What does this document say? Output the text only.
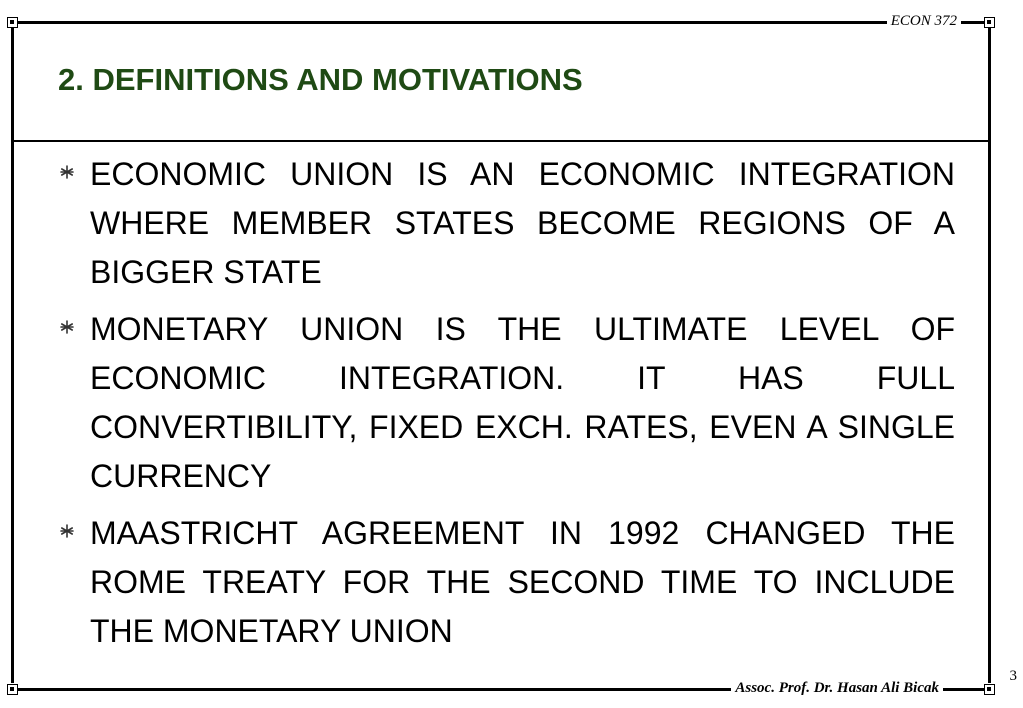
ECON 372
2. DEFINITIONS AND MOTIVATIONS
ECONOMIC UNION IS AN ECONOMIC INTEGRATION WHERE MEMBER STATES BECOME REGIONS OF A BIGGER STATE
MONETARY UNION IS THE ULTIMATE LEVEL OF ECONOMIC INTEGRATION. IT HAS FULL CONVERTIBILITY, FIXED EXCH. RATES, EVEN A SINGLE CURRENCY
MAASTRICHT AGREEMENT IN 1992 CHANGED THE ROME TREATY FOR THE SECOND TIME TO INCLUDE THE MONETARY UNION
Assoc. Prof. Dr. Hasan Ali Bicak
3
